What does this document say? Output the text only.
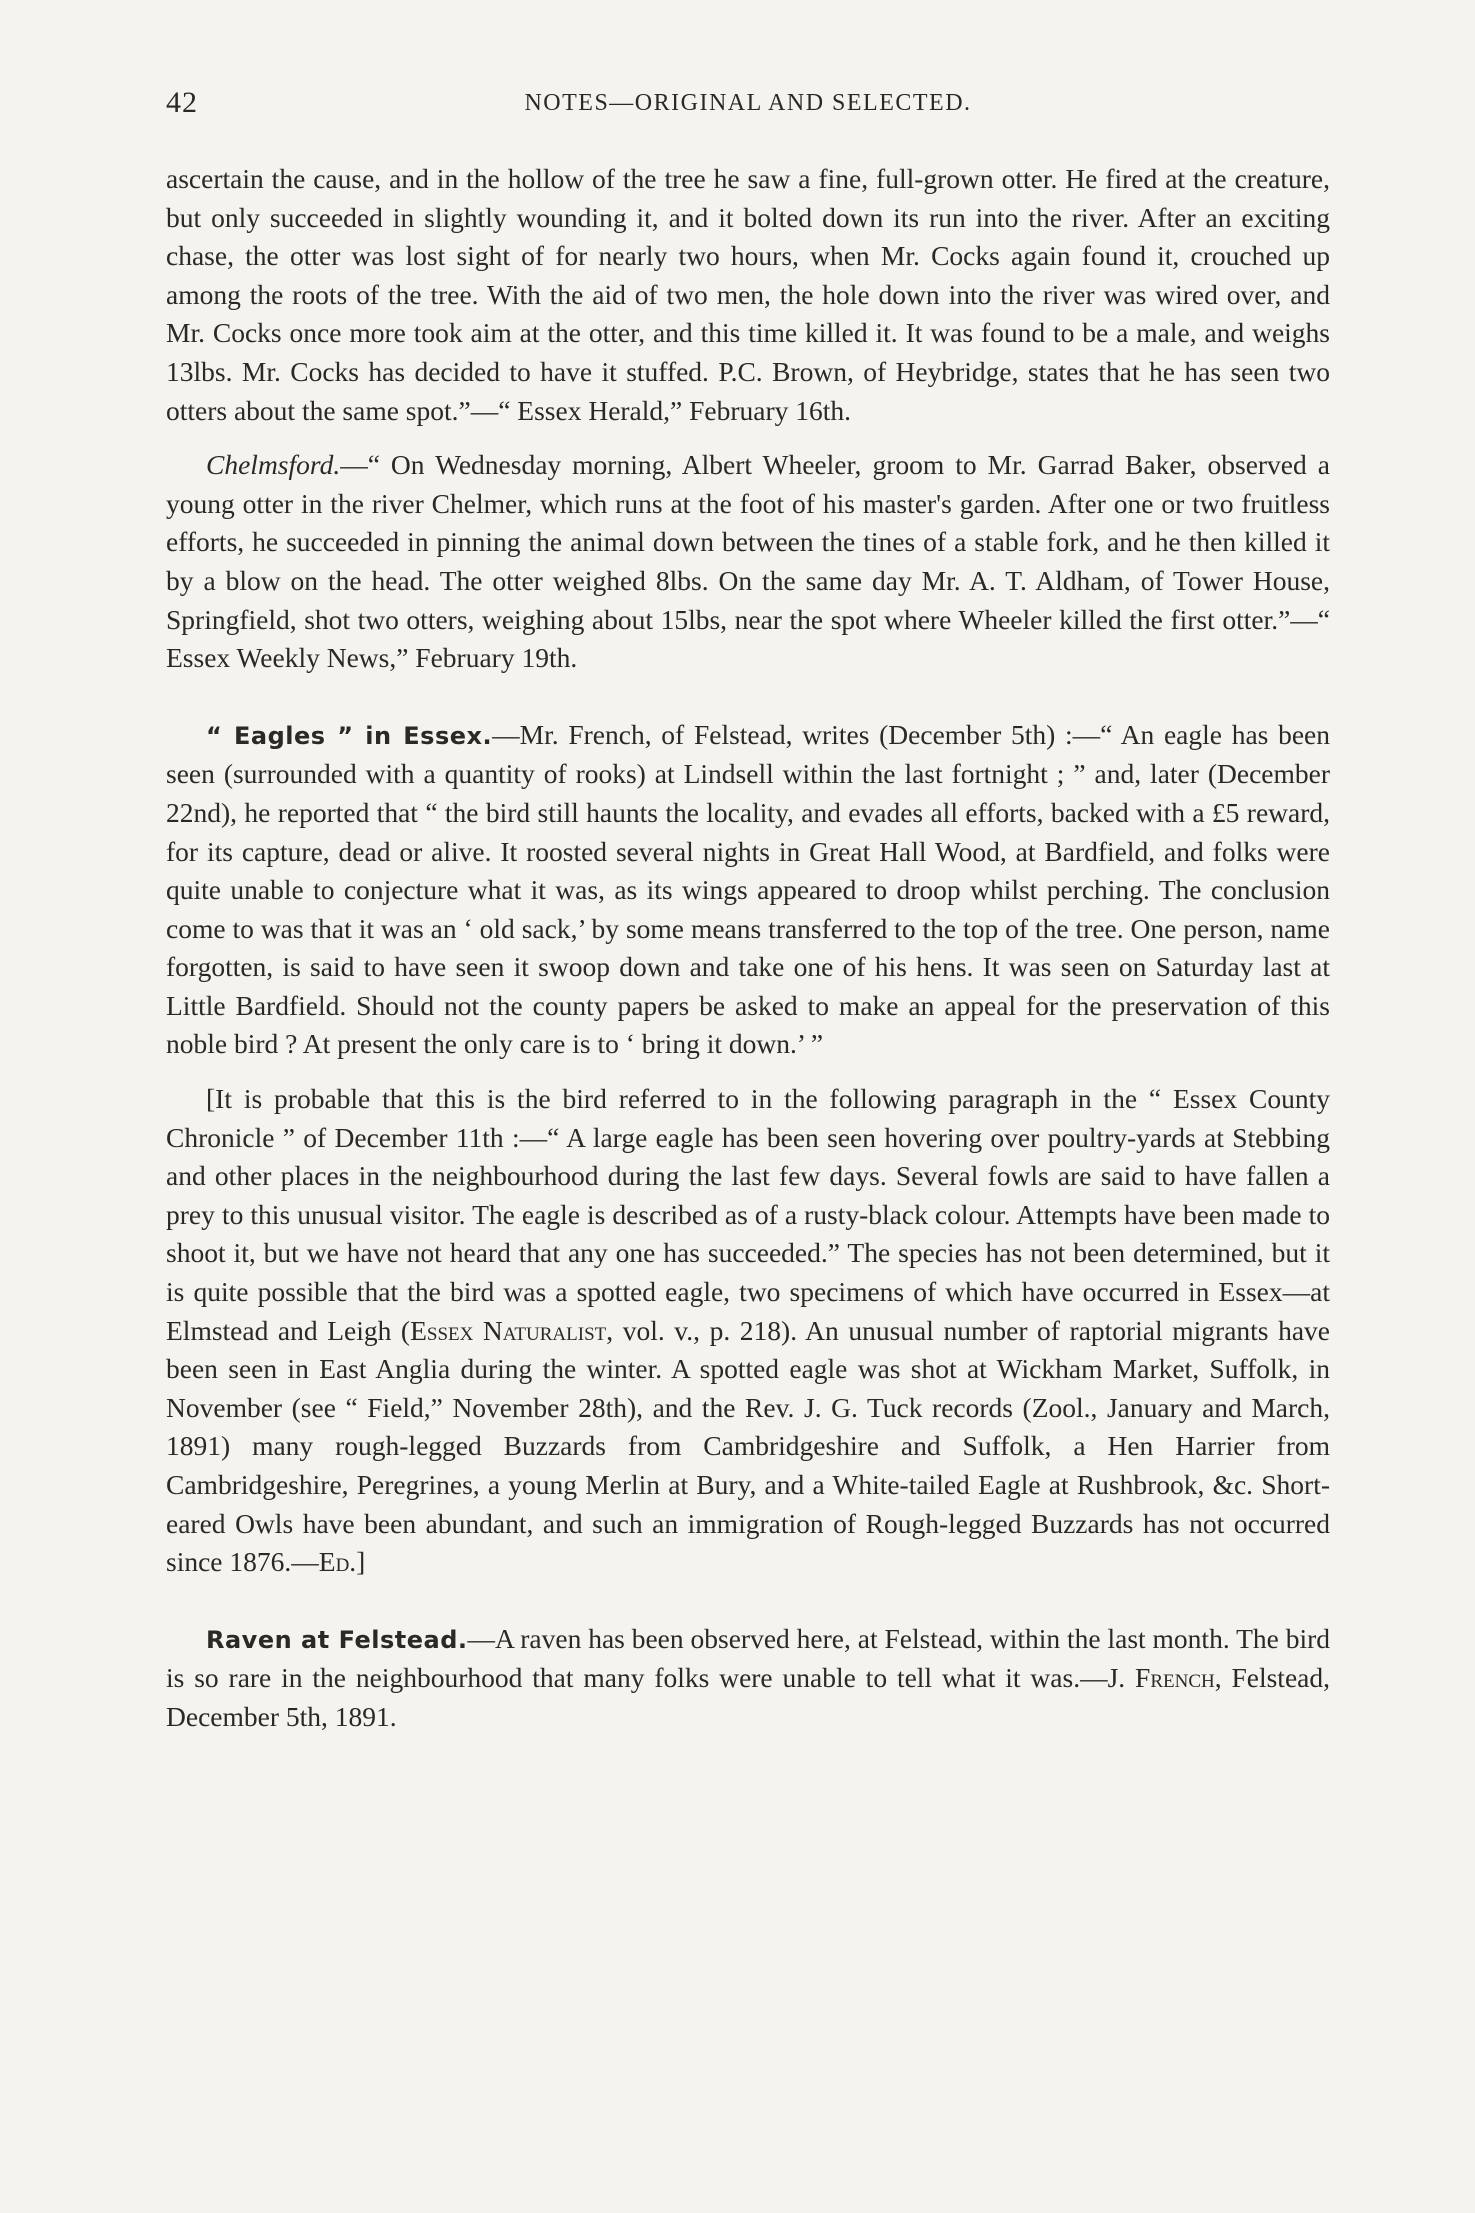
42	NOTES—ORIGINAL AND SELECTED.

ascertain the cause, and in the hollow of the tree he saw a fine, full-grown otter. He fired at the creature, but only succeeded in slightly wounding it, and it bolted down its run into the river. After an exciting chase, the otter was lost sight of for nearly two hours, when Mr. Cocks again found it, crouched up among the roots of the tree. With the aid of two men, the hole down into the river was wired over, and Mr. Cocks once more took aim at the otter, and this time killed it. It was found to be a male, and weighs 13lbs. Mr. Cocks has decided to have it stuffed. P.C. Brown, of Heybridge, states that he has seen two otters about the same spot.”—“ Essex Herald,” February 16th.

Chelmsford.—“ On Wednesday morning, Albert Wheeler, groom to Mr. Garrad Baker, observed a young otter in the river Chelmer, which runs at the foot of his master's garden. After one or two fruitless efforts, he succeeded in pinning the animal down between the tines of a stable fork, and he then killed it by a blow on the head. The otter weighed 8lbs. On the same day Mr. A. T. Aldham, of Tower House, Springfield, shot two otters, weighing about 15lbs, near the spot where Wheeler killed the first otter.”—“ Essex Weekly News,” February 19th.

“ Eagles ” in Essex.—Mr. French, of Felstead, writes (December 5th) :—“ An eagle has been seen (surrounded with a quantity of rooks) at Lindsell within the last fortnight ; ” and, later (December 22nd), he reported that “ the bird still haunts the locality, and evades all efforts, backed with a £5 reward, for its capture, dead or alive. It roosted several nights in Great Hall Wood, at Bardfield, and folks were quite unable to conjecture what it was, as its wings appeared to droop whilst perching. The conclusion come to was that it was an ‘ old sack,’ by some means transferred to the top of the tree. One person, name forgotten, is said to have seen it swoop down and take one of his hens. It was seen on Saturday last at Little Bardfield. Should not the county papers be asked to make an appeal for the preservation of this noble bird ? At present the only care is to ‘ bring it down.’ ”

[It is probable that this is the bird referred to in the following paragraph in the “ Essex County Chronicle ” of December 11th :—“ A large eagle has been seen hovering over poultry-yards at Stebbing and other places in the neighbourhood during the last few days. Several fowls are said to have fallen a prey to this unusual visitor. The eagle is described as of a rusty-black colour. Attempts have been made to shoot it, but we have not heard that any one has succeeded.” The species has not been determined, but it is quite possible that the bird was a spotted eagle, two specimens of which have occurred in Essex—at Elmstead and Leigh (Essex Naturalist, vol. v., p. 218). An unusual number of raptorial migrants have been seen in East Anglia during the winter. A spotted eagle was shot at Wickham Market, Suffolk, in November (see “ Field,” November 28th), and the Rev. J. G. Tuck records (Zool., January and March, 1891) many rough-legged Buzzards from Cambridgeshire and Suffolk, a Hen Harrier from Cambridgeshire, Peregrines, a young Merlin at Bury, and a White-tailed Eagle at Rushbrook, &c. Short-eared Owls have been abundant, and such an immigration of Rough-legged Buzzards has not occurred since 1876.—Ed.]

Raven at Felstead.—A raven has been observed here, at Felstead, within the last month. The bird is so rare in the neighbourhood that many folks were unable to tell what it was.—J. French, Felstead, December 5th, 1891.
